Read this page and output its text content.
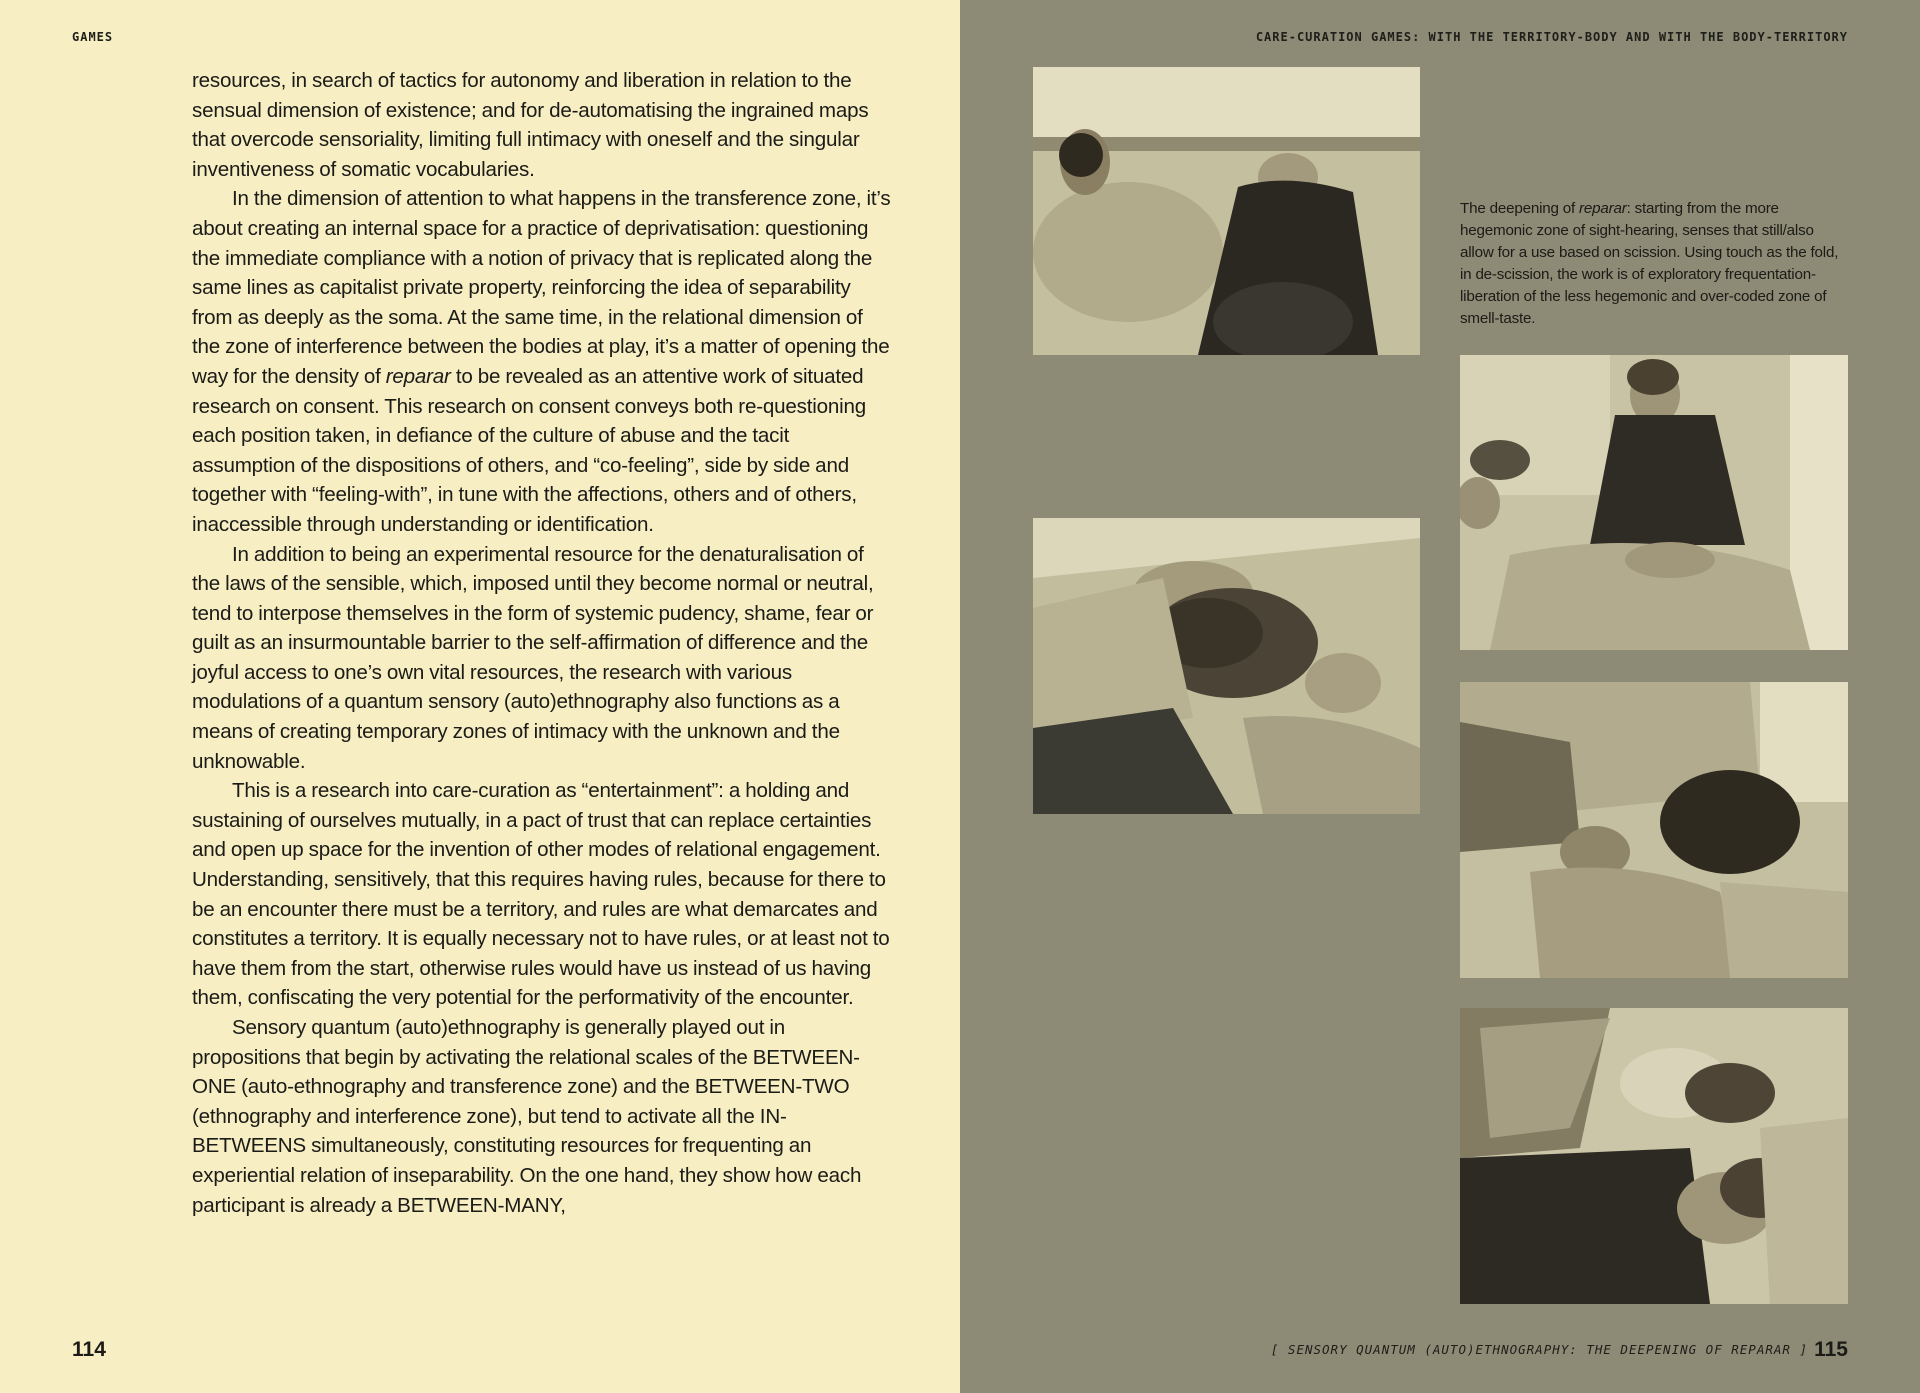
GAMES

resources, in search of tactics for autonomy and liberation in relation to the sensual dimension of existence; and for de-automatising the ingrained maps that overcode sensoriality, limiting full intimacy with oneself and the singular inventiveness of somatic vocabularies.

In the dimension of attention to what happens in the transference zone, it’s about creating an internal space for a practice of deprivatisation: questioning the immediate compliance with a notion of privacy that is replicated along the same lines as capitalist private property, reinforcing the idea of separability from as deeply as the soma. At the same time, in the relational dimension of the zone of interference between the bodies at play, it’s a matter of opening the way for the density of reparar to be revealed as an attentive work of situated research on consent. This research on consent conveys both re-questioning each position taken, in defiance of the culture of abuse and the tacit assumption of the dispositions of others, and “co-feeling”, side by side and together with “feeling-with”, in tune with the affections, others and of others, inaccessible through understanding or identification.

In addition to being an experimental resource for the denaturalisation of the laws of the sensible, which, imposed until they become normal or neutral, tend to interpose themselves in the form of systemic pudency, shame, fear or guilt as an insurmountable barrier to the self-affirmation of difference and the joyful access to one’s own vital resources, the research with various modulations of a quantum sensory (auto)ethnography also functions as a means of creating temporary zones of intimacy with the unknown and the unknowable.

This is a research into care-curation as “entertainment”: a holding and sustaining of ourselves mutually, in a pact of trust that can replace certainties and open up space for the invention of other modes of relational engagement. Understanding, sensitively, that this requires having rules, because for there to be an encounter there must be a territory, and rules are what demarcates and constitutes a territory. It is equally necessary not to have rules, or at least not to have them from the start, otherwise rules would have us instead of us having them, confiscating the very potential for the performativity of the encounter.

Sensory quantum (auto)ethnography is generally played out in propositions that begin by activating the relational scales of the BETWEEN-ONE (auto-ethnography and transference zone) and the BETWEEN-TWO (ethnography and interference zone), but tend to activate all the IN-BETWEENS simultaneously, constituting resources for frequenting an experiential relation of inseparability. On the one hand, they show how each participant is already a BETWEEN-MANY,

114
CARE-CURATION GAMES: WITH THE TERRITORY-BODY AND WITH THE BODY-TERRITORY
The deepening of reparar: starting from the more hegemonic zone of sight-hearing, senses that still/also allow for a use based on scission. Using touch as the fold, in de-scission, the work is of exploratory frequentation-liberation of the less hegemonic and over-coded zone of smell-taste.
[ SENSORY QUANTUM (AUTO)ETHNOGRAPHY: THE DEEPENING OF REPARAR ] 115
